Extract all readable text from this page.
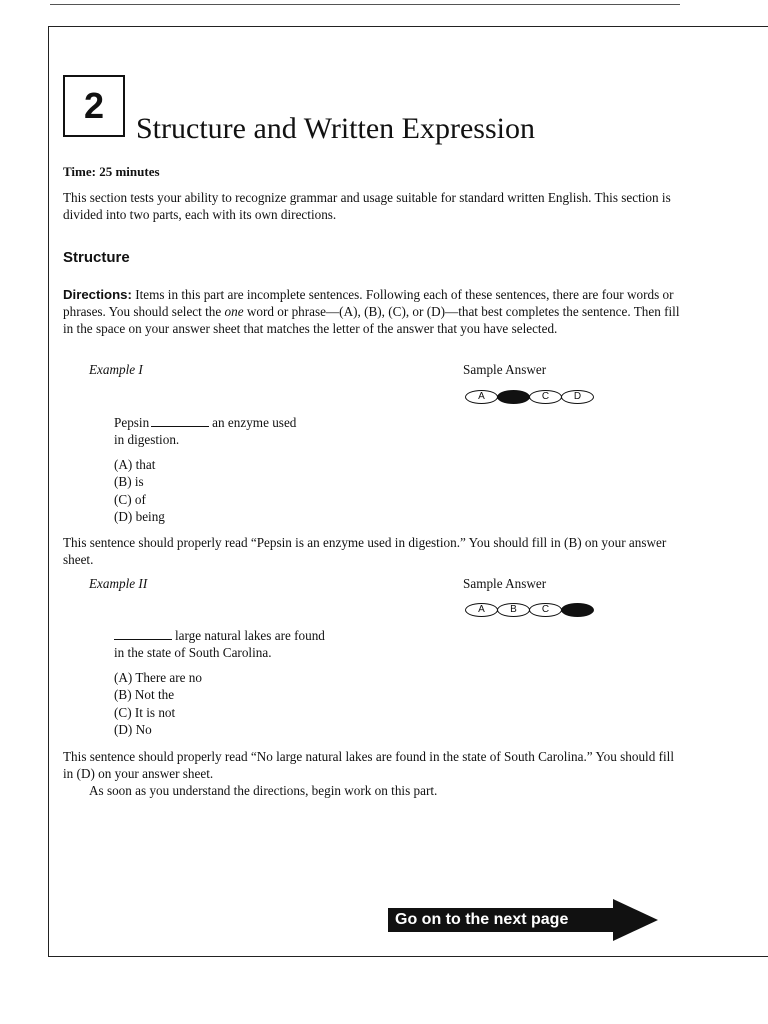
2
Structure and Written Expression
Time: 25 minutes
This section tests your ability to recognize grammar and usage suitable for standard written English. This section is divided into two parts, each with its own directions.
Structure
Directions: Items in this part are incomplete sentences. Following each of these sentences, there are four words or phrases. You should select the one word or phrase—(A), (B), (C), or (D)—that best completes the sentence. Then fill in the space on your answer sheet that matches the letter of the answer that you have selected.
Example I	Sample Answer
A	C	D
Pepsin	an enzyme used
in digestion.
(A) that
(B) is
(C) of
(D) being
This sentence should properly read “Pepsin is an enzyme used in digestion.” You should fill in (B) on your answer sheet.
Example II	Sample Answer
A	B	C
large natural lakes are found
in the state of South Carolina.
(A) There are no
(B) Not the
(C) It is not
(D) No
This sentence should properly read “No large natural lakes are found in the state of South Carolina.” You should fill in (D) on your answer sheet.
As soon as you understand the directions, begin work on this part.
Go on to the next page
